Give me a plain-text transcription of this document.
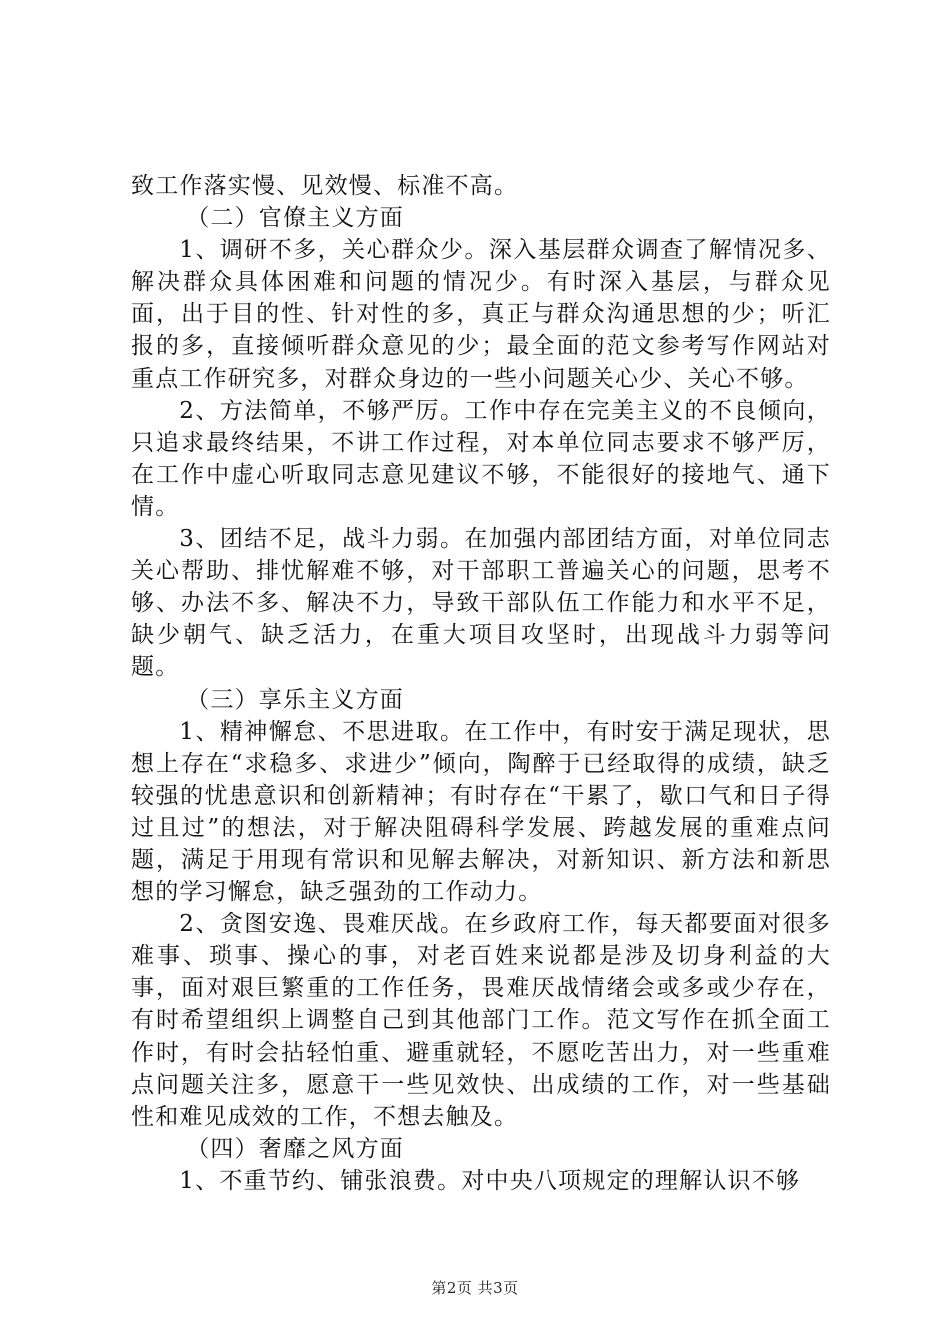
致工作落实慢、见效慢、标准不高。

（二）官僚主义方面

1、调研不多，关心群众少。深入基层群众调查了解情况多、解决群众具体困难和问题的情况少。有时深入基层，与群众见面，出于目的性、针对性的多，真正与群众沟通思想的少；听汇报的多，直接倾听群众意见的少；最全面的范文参考写作网站对重点工作研究多，对群众身边的一些小问题关心少、关心不够。

2、方法简单，不够严厉。工作中存在完美主义的不良倾向，只追求最终结果，不讲工作过程，对本单位同志要求不够严厉，在工作中虚心听取同志意见建议不够，不能很好的接地气、通下情。

3、团结不足，战斗力弱。在加强内部团结方面，对单位同志关心帮助、排忧解难不够，对干部职工普遍关心的问题，思考不够、办法不多、解决不力，导致干部队伍工作能力和水平不足，缺少朝气、缺乏活力，在重大项目攻坚时，出现战斗力弱等问题。

（三）享乐主义方面

1、精神懈怠、不思进取。在工作中，有时安于满足现状，思想上存在“求稳多、求进少”倾向，陶醉于已经取得的成绩，缺乏较强的忧患意识和创新精神；有时存在“干累了，歇口气和日子得过且过”的想法，对于解决阻碍科学发展、跨越发展的重难点问题，满足于用现有常识和见解去解决，对新知识、新方法和新思想的学习懈怠，缺乏强劲的工作动力。

2、贪图安逸、畏难厌战。在乡政府工作，每天都要面对很多难事、琐事、操心的事，对老百姓来说都是涉及切身利益的大事，面对艰巨繁重的工作任务，畏难厌战情绪会或多或少存在，有时希望组织上调整自己到其他部门工作。范文写作在抓全面工作时，有时会拈轻怕重、避重就轻，不愿吃苦出力，对一些重难点问题关注多，愿意干一些见效快、出成绩的工作，对一些基础性和难见成效的工作，不想去触及。

（四）奢靡之风方面

1、不重节约、铺张浪费。对中央八项规定的理解认识不够

第2页 共3页
